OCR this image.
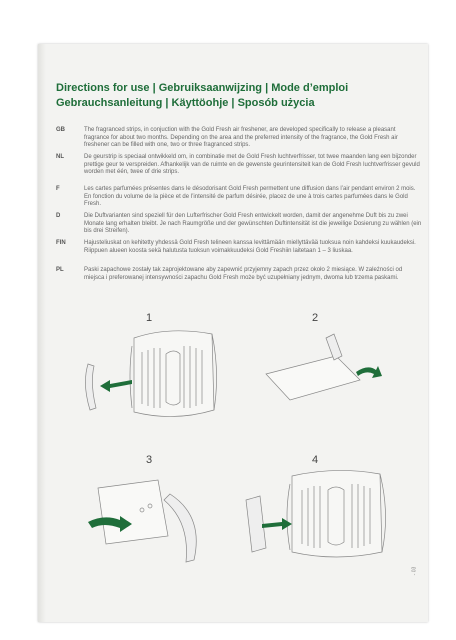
Directions for use | Gebruiksaanwijzing | Mode d’emploi
Gebrauchsanleitung | Käyttöohje | Sposób użycia
GB	The fragranced strips, in conjuction with the Gold Fresh air freshener, are developed specifically to release a pleasant fragrance for about two months. Depending on the area and the preferred intensity of the fragrance, the Gold Fresh air freshener can be filled with one, two or three fragranced strips.
NL	De geurstrip is speciaal ontwikkeld om, in combinatie met de Gold Fresh luchtverfrisser, tot twee maanden lang een bijzonder prettige geur te verspreiden. Afhankelijk van de ruimte en de gewenste geurintensiteit kan de Gold Fresh luchtverfrisser gevuld worden met één, twee of drie strips.
F	Les cartes parfumées présentes dans le désodorisant Gold Fresh permettent une diffusion dans l’air pendant environ 2 mois. En fonction du volume de la pièce et de l’intensité de parfum désirée, placez de une à trois cartes parfumées dans le Gold Fresh.
D	Die Duftvarianten sind speziell für den Lufterfrischer Gold Fresh entwickelt worden, damit der angenehme Duft bis zu zwei Monate lang erhalten bleibt. Je nach Raumgröße und der gewünschten Duftintensität ist die jeweilige Dosierung zu wählen (ein bis drei Streifen).
FIN	Hajusteliuskat on kehitetty yhdessä Gold Fresh telineen kanssa levittämään miellyttävää tuoksua noin kahdeksi kuukaudeksi. Riippuen alueen koosta sekä halutusta tuoksun voimakkuudeksi Gold Freshiin laitetaan 1 – 3 liuskaa.
PL	Paski zapachowe zostały tak zaprojektowane aby zapewnić przyjemny zapach przez około 2 miesiące. W zależności od miejsca i preferowanej intensywności zapachu Gold Fresh może być uzupełniany jednym, dwoma lub trzema paskami.
1	2
3	4
- 03
